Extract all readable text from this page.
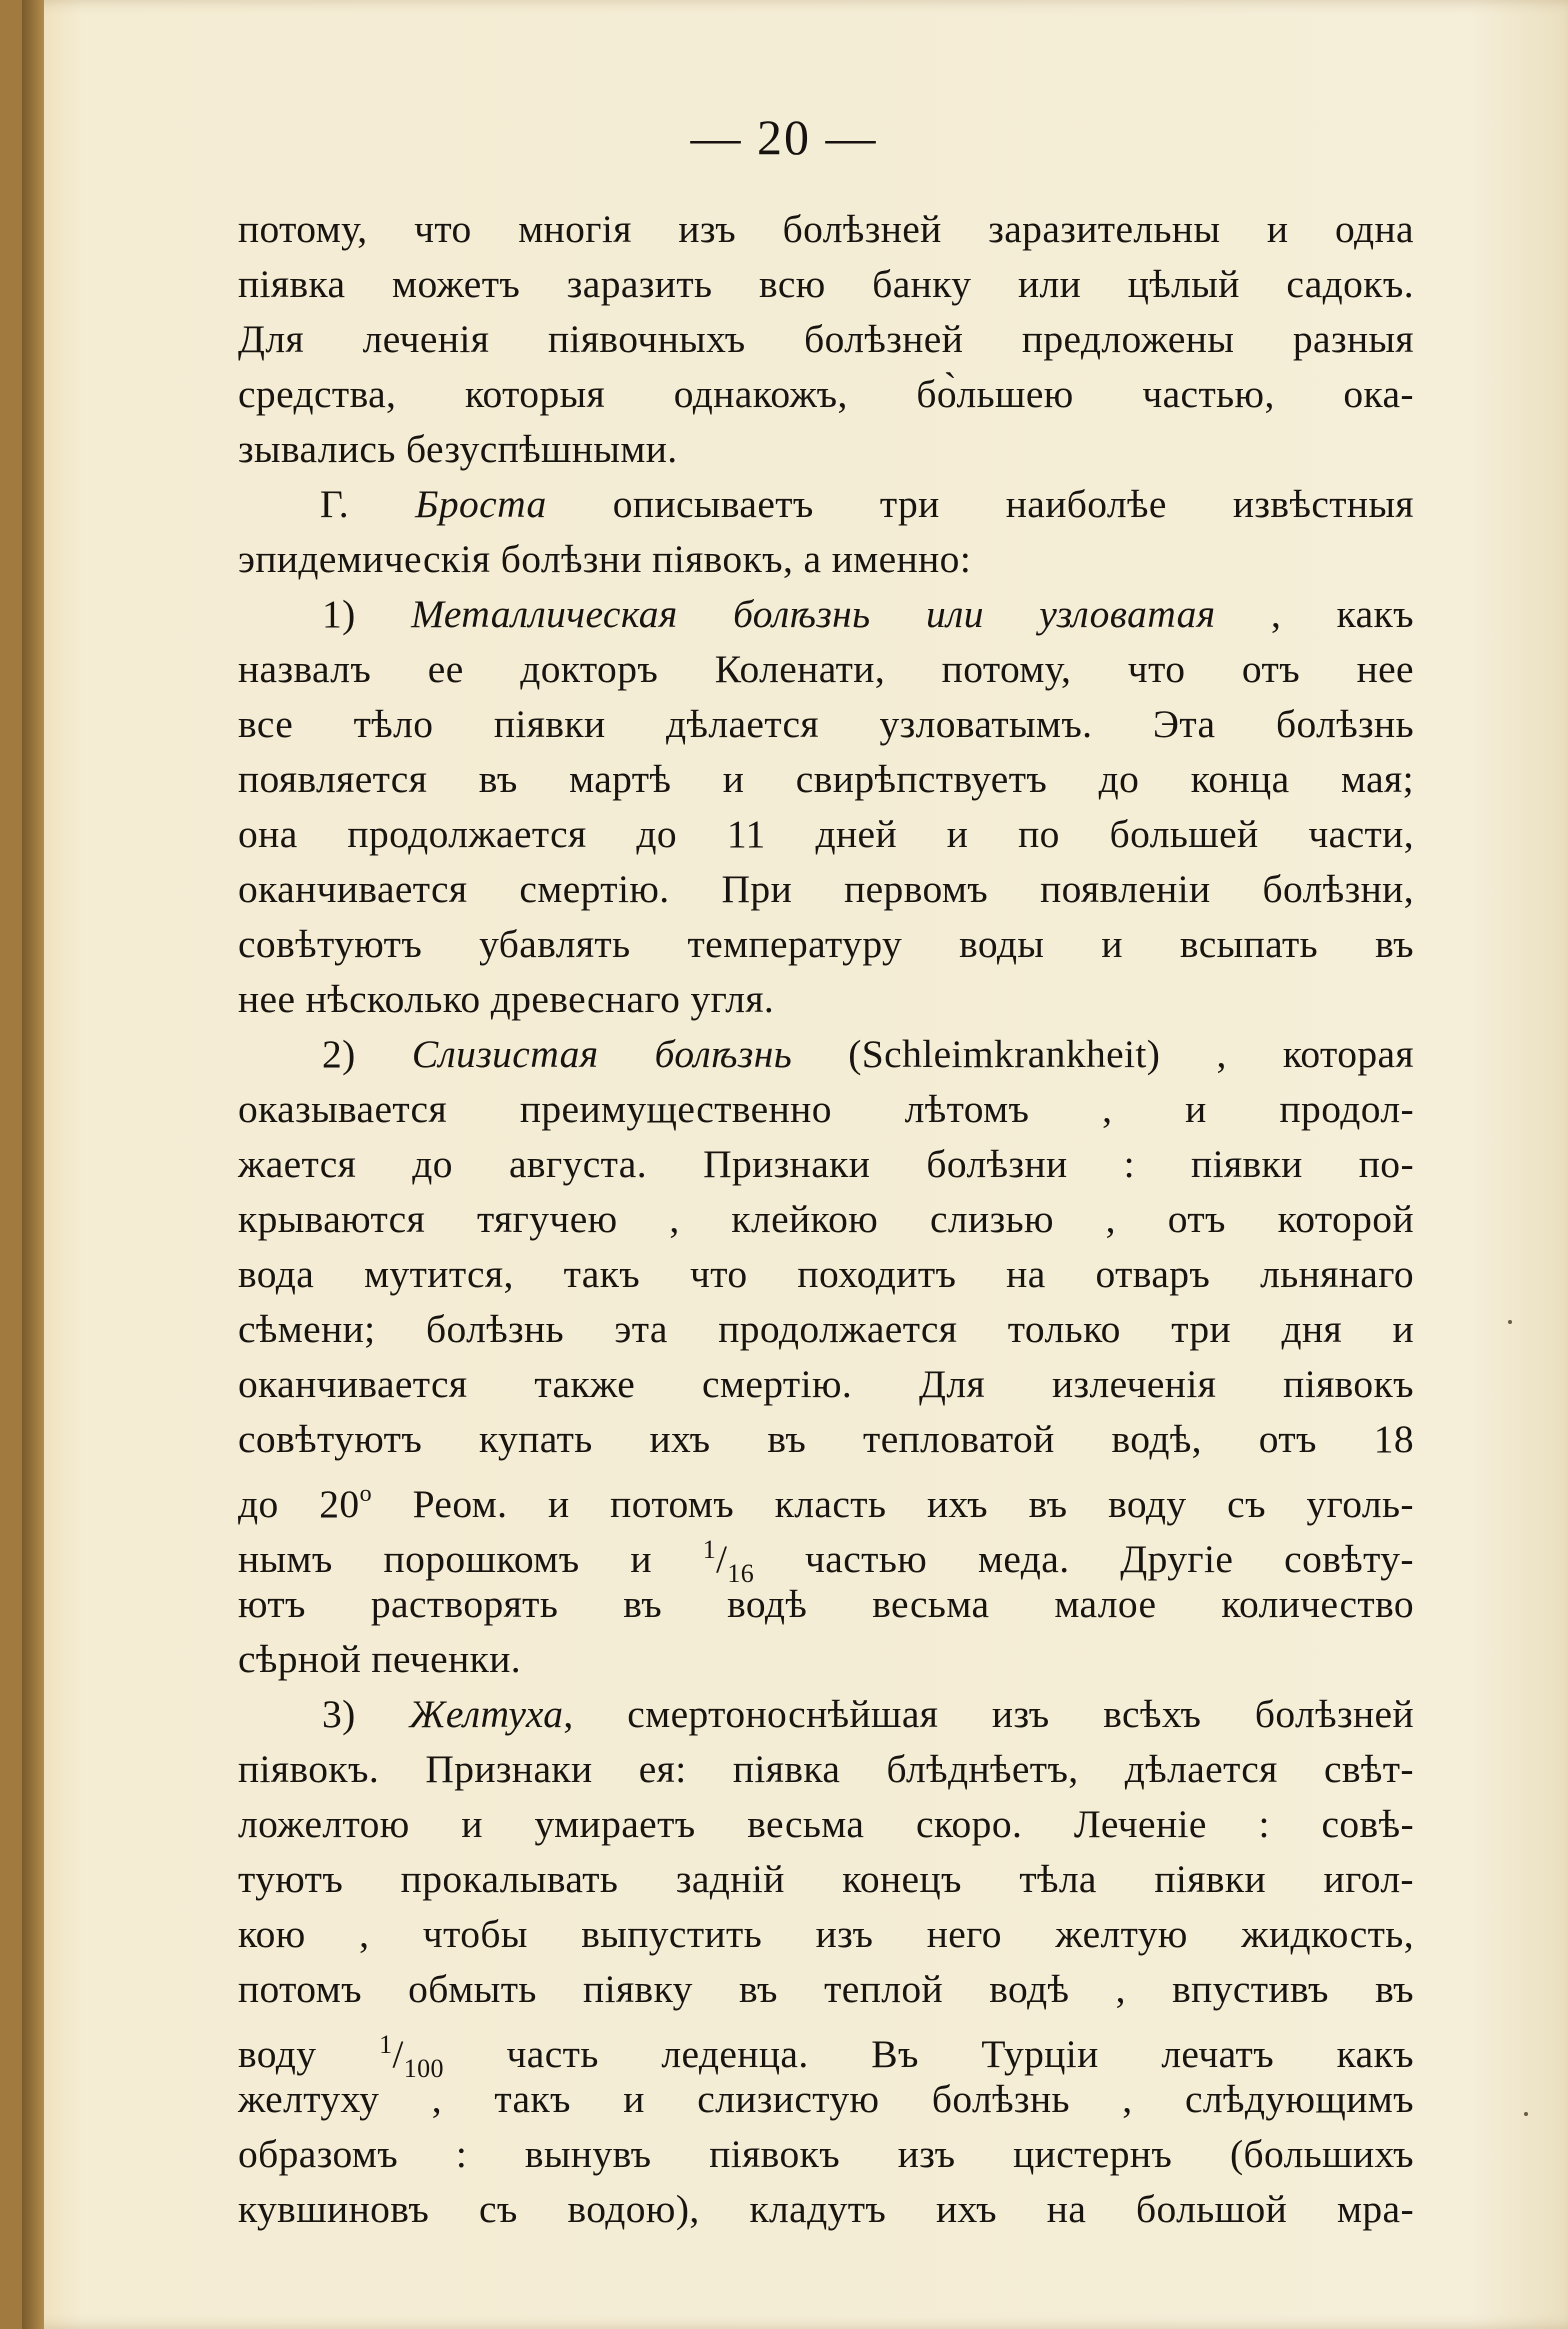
— 20 —
потому, что многія изъ болѣзней заразительны и одна
піявка можетъ заразить всю банку или цѣлый садокъ.
Для леченія піявочныхъ болѣзней предложены разныя
средства, которыя однакожъ, бо̀льшею частью, ока-
зывались безуспѣшными.
Г. Броста описываетъ три наиболѣе извѣстныя
эпидемическія болѣзни піявокъ, а именно:
1) Металлическая болѣзнь или узловатая , какъ
назвалъ ее докторъ Коленати, потому, что отъ нее
все тѣло піявки дѣлается узловатымъ. Эта болѣзнь
появляется въ мартѣ и свирѣпствуетъ до конца мая;
она продолжается до 11 дней и по большей части,
оканчивается смертію. При первомъ появленіи болѣзни,
совѣтуютъ убавлять температуру воды и всыпать въ
нее нѣсколько древеснаго угля.
2) Слизистая болѣзнь (Schleimkrankheit) , которая
оказывается преимущественно лѣтомъ , и продол-
жается до августа. Признаки болѣзни : піявки по-
крываются тягучею , клейкою слизью , отъ которой
вода мутится, такъ что походитъ на отваръ льнянаго
сѣмени; болѣзнь эта продолжается только три дня и
оканчивается также смертію. Для излеченія піявокъ
совѣтуютъ купать ихъ въ тепловатой водѣ, отъ 18
до 20$^o$ Реом. и потомъ класть ихъ въ воду съ уголь-
нымъ порошкомъ и $^1/_{16}$ частью меда. Другіе совѣту-
ютъ растворять въ водѣ весьма малое количество
сѣрной печенки.
3) Желтуха, смертоноснѣйшая изъ всѣхъ болѣзней
піявокъ. Признаки ея: піявка блѣднѣетъ, дѣлается свѣт-
ложелтою и умираетъ весьма скоро. Леченіе : совѣ-
туютъ прокалывать задній конецъ тѣла піявки игол-
кою , чтобы выпустить изъ него желтую жидкость,
потомъ обмыть піявку въ теплой водѣ , впустивъ въ
воду $^1/_{100}$ часть леденца. Въ Турціи лечатъ какъ
желтуху , такъ и слизистую болѣзнь , слѣдующимъ
образомъ : вынувъ піявокъ изъ цистернъ (большихъ
кувшиновъ съ водою), кладутъ ихъ на большой мра-
